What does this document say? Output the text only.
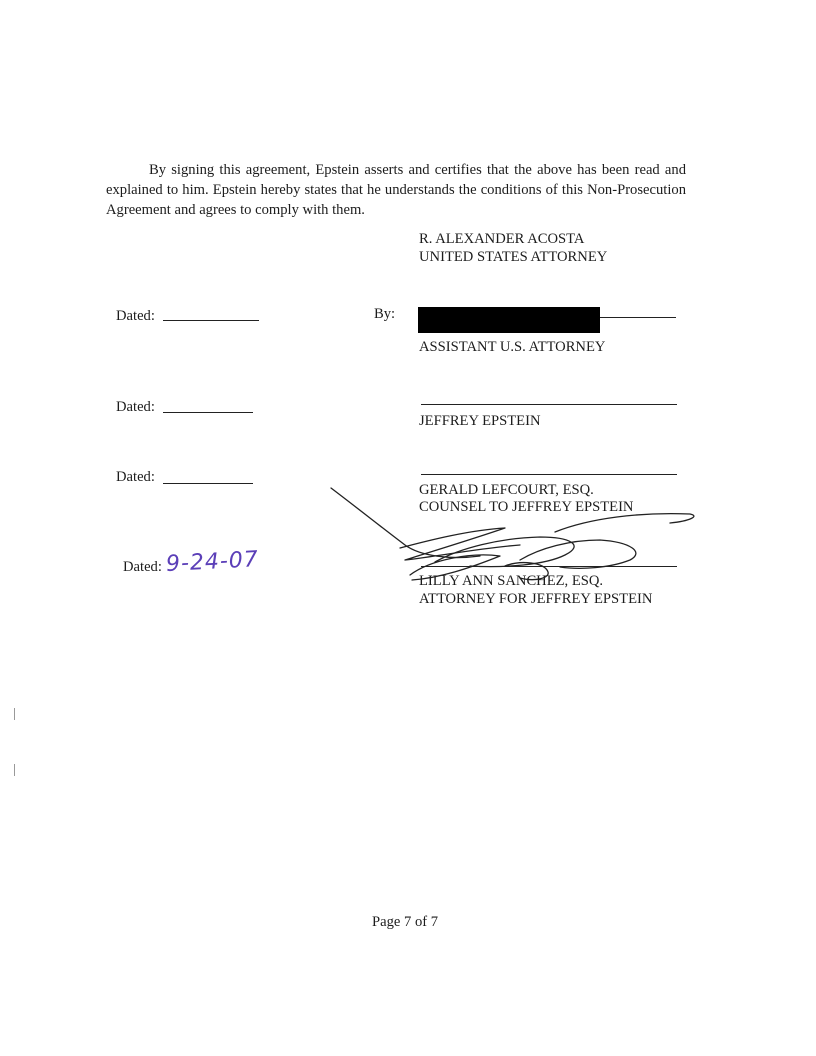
By signing this agreement, Epstein asserts and certifies that the above has been read and explained to him. Epstein hereby states that he understands the conditions of this Non-Prosecution Agreement and agrees to comply with them.

R. ALEXANDER ACOSTA
UNITED STATES ATTORNEY
Dated:	By:
ASSISTANT U.S. ATTORNEY
Dated:
JEFFREY EPSTEIN
Dated:
GERALD LEFCOURT, ESQ.
COUNSEL TO JEFFREY EPSTEIN
Dated: 9-24-07
LILLY ANN SANCHEZ, ESQ.
ATTORNEY FOR JEFFREY EPSTEIN
Page 7 of 7
